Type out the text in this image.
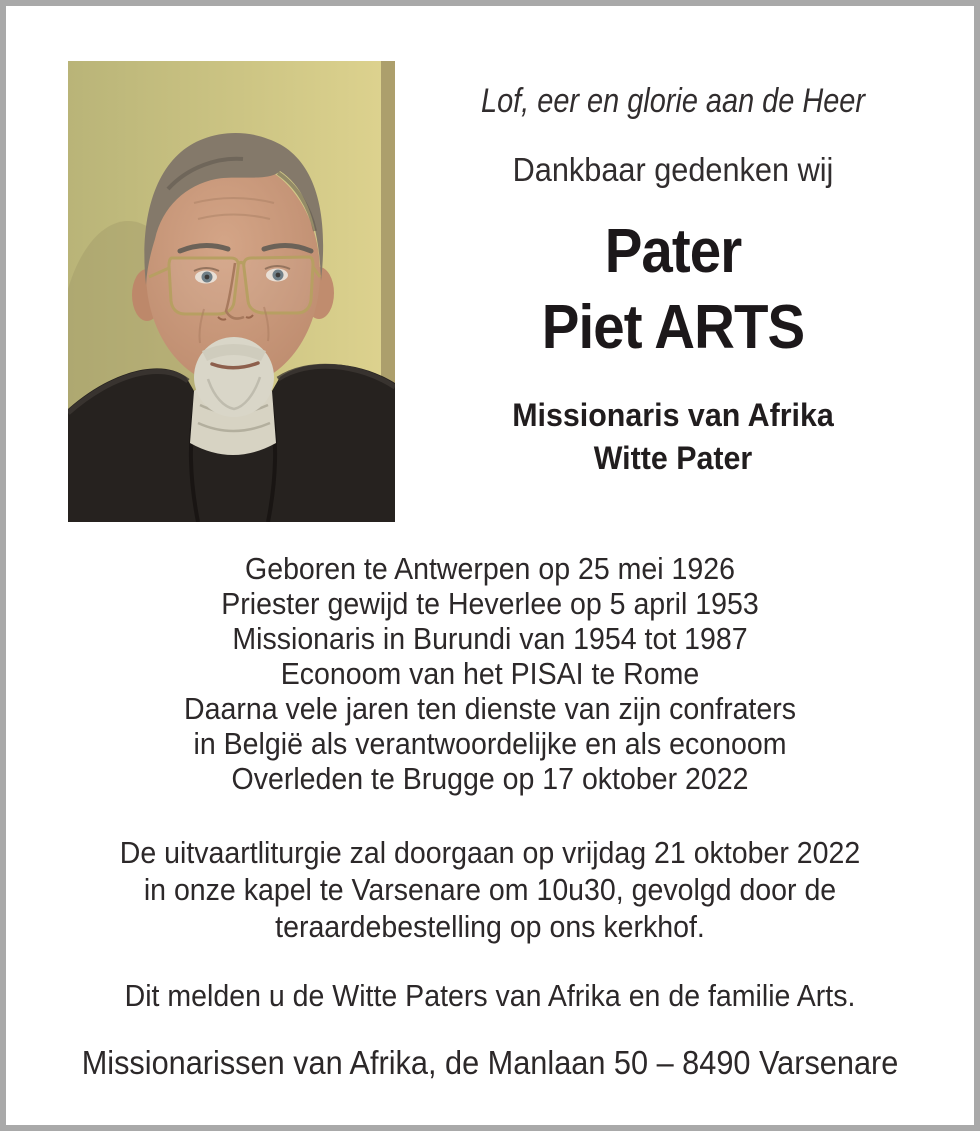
Lof, eer en glorie aan de Heer
Dankbaar gedenken wij
Pater
Piet ARTS
Missionaris van Afrika
Witte Pater
Geboren te Antwerpen op 25 mei 1926
Priester gewijd te Heverlee op 5 april 1953
Missionaris in Burundi van 1954 tot 1987
Econoom van het PISAI te Rome
Daarna vele jaren ten dienste van zijn confraters
in België als verantwoordelijke en als econoom
Overleden te Brugge op 17 oktober 2022
De uitvaartliturgie zal doorgaan op vrijdag 21 oktober 2022
in onze kapel te Varsenare om 10u30, gevolgd door de
teraardebestelling op ons kerkhof.
Dit melden u de Witte Paters van Afrika en de familie Arts.
Missionarissen van Afrika, de Manlaan 50 – 8490 Varsenare
